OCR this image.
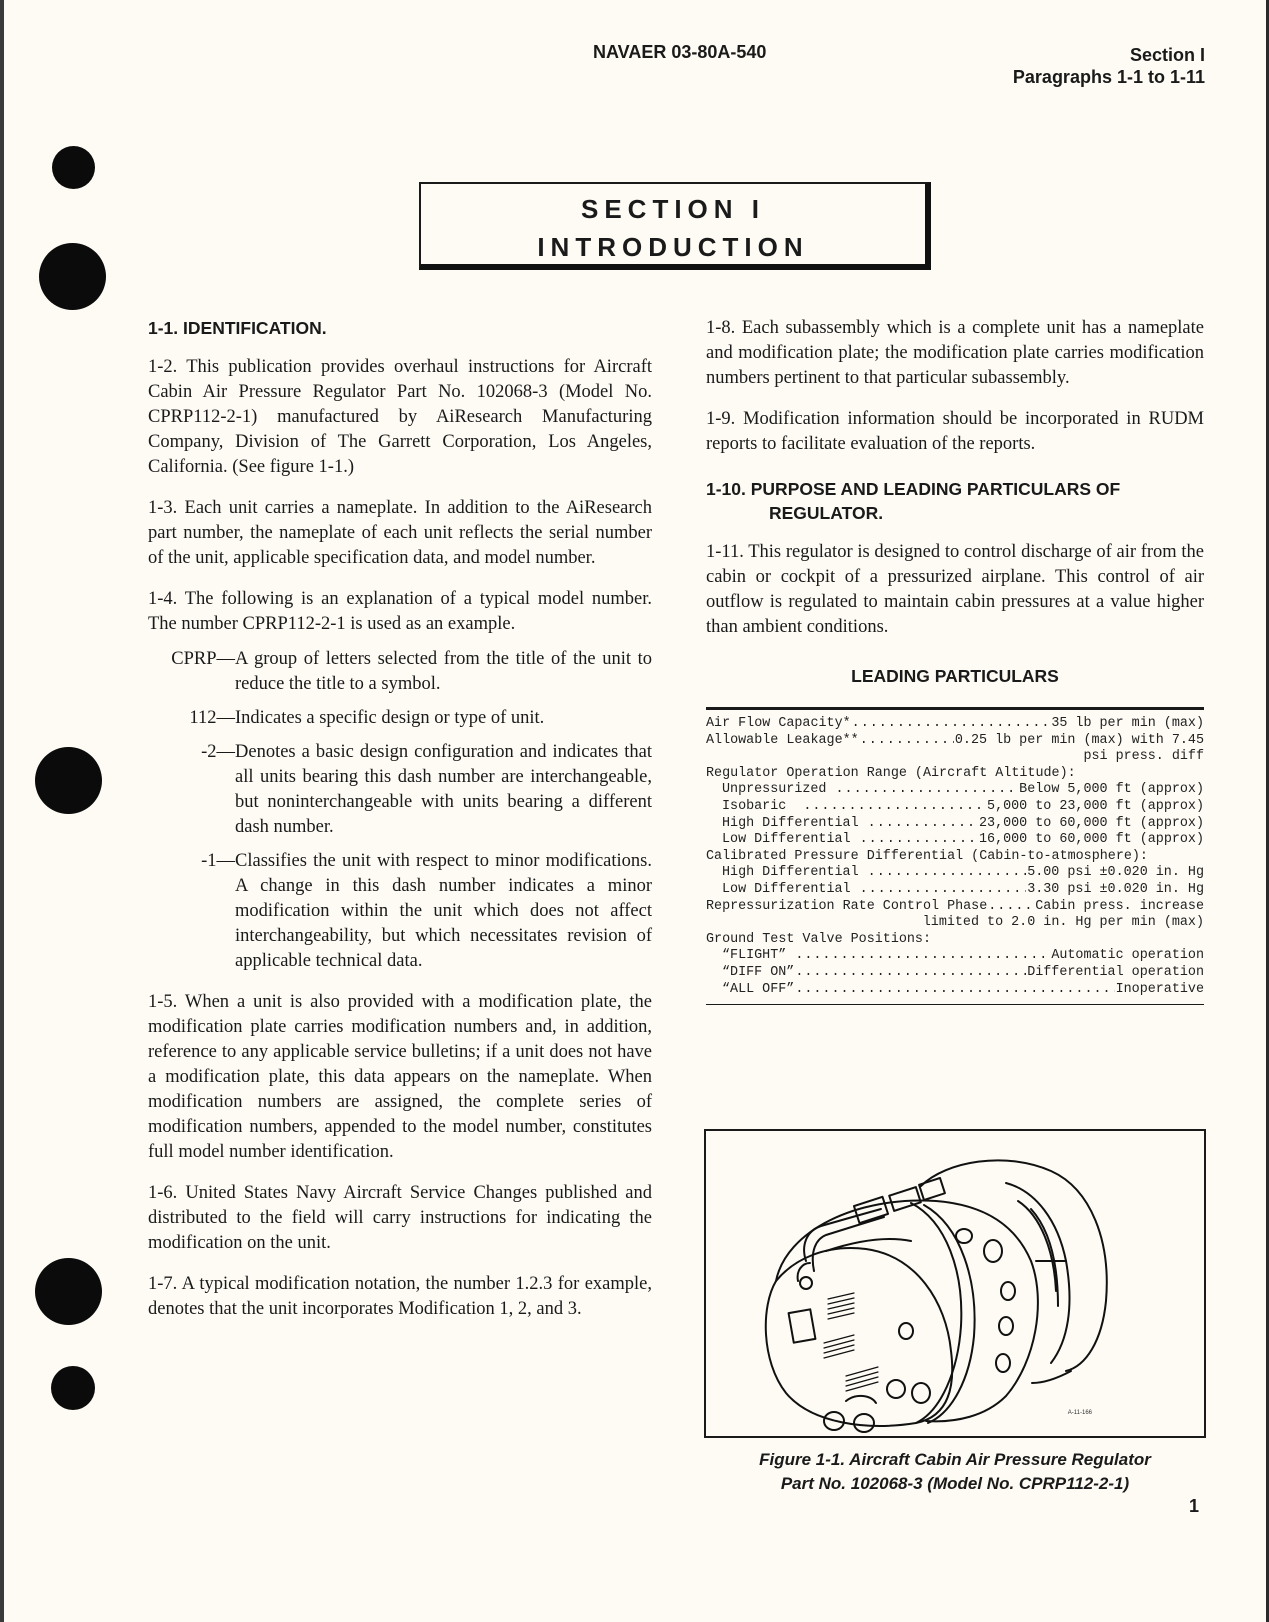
NAVAER 03-80A-540	Section I
Paragraphs 1-1 to 1-11
SECTION I
INTRODUCTION
1-1. IDENTIFICATION.

1-2. This publication provides overhaul instructions for Aircraft Cabin Air Pressure Regulator Part No. 102068-3 (Model No. CPRP112-2-1) manufactured by AiResearch Manufacturing Company, Division of The Garrett Corporation, Los Angeles, California. (See figure 1-1.)

1-3. Each unit carries a nameplate. In addition to the AiResearch part number, the nameplate of each unit reflects the serial number of the unit, applicable specification data, and model number.

1-4. The following is an explanation of a typical model number. The number CPRP112-2-1 is used as an example.

CPRP— A group of letters selected from the title of the unit to reduce the title to a symbol.
112— Indicates a specific design or type of unit.
-2— Denotes a basic design configuration and indicates that all units bearing this dash number are interchangeable, but noninterchangeable with units bearing a different dash number.
-1— Classifies the unit with respect to minor modifications. A change in this dash number indicates a minor modification within the unit which does not affect interchangeability, but which necessitates revision of applicable technical data.

1-5. When a unit is also provided with a modification plate, the modification plate carries modification numbers and, in addition, reference to any applicable service bulletins; if a unit does not have a modification plate, this data appears on the nameplate. When modification numbers are assigned, the complete series of modification numbers, appended to the model number, constitutes full model number identification.

1-6. United States Navy Aircraft Service Changes published and distributed to the field will carry instructions for indicating the modification on the unit.

1-7. A typical modification notation, the number 1.2.3 for example, denotes that the unit incorporates Modification 1, 2, and 3.

1-8. Each subassembly which is a complete unit has a nameplate and modification plate; the modification plate carries modification numbers pertinent to that particular subassembly.

1-9. Modification information should be incorporated in RUDM reports to facilitate evaluation of the reports.

1-10. PURPOSE AND LEADING PARTICULARS OF
REGULATOR.

1-11. This regulator is designed to control discharge of air from the cabin or cockpit of a pressurized airplane. This control of air outflow is regulated to maintain cabin pressures at a value higher than ambient conditions.

LEADING PARTICULARS
Air Flow Capacity* .....	35 lb per min (max)
Allowable Leakage** .....	0.25 lb per min (max) with 7.45
psi press. diff
Regulator Operation Range (Aircraft Altitude):
Unpressurized .....	Below 5,000 ft (approx)
Isobaric .....	5,000 to 23,000 ft (approx)
High Differential .....	23,000 to 60,000 ft (approx)
Low Differential .....	16,000 to 60,000 ft (approx)
Calibrated Pressure Differential (Cabin-to-atmosphere):
High Differential .....	5.00 psi ±0.020 in. Hg
Low Differential .....	3.30 psi ±0.020 in. Hg
Repressurization Rate Control Phase .....	Cabin press. increase
limited to 2.0 in. Hg per min (max)
Ground Test Valve Positions:
“FLIGHT” .....	Automatic operation
“DIFF ON” .....	Differential operation
“ALL OFF” .....	Inoperative
A-11-166
Figure 1-1. Aircraft Cabin Air Pressure Regulator
Part No. 102068-3 (Model No. CPRP112-2-1)
1
